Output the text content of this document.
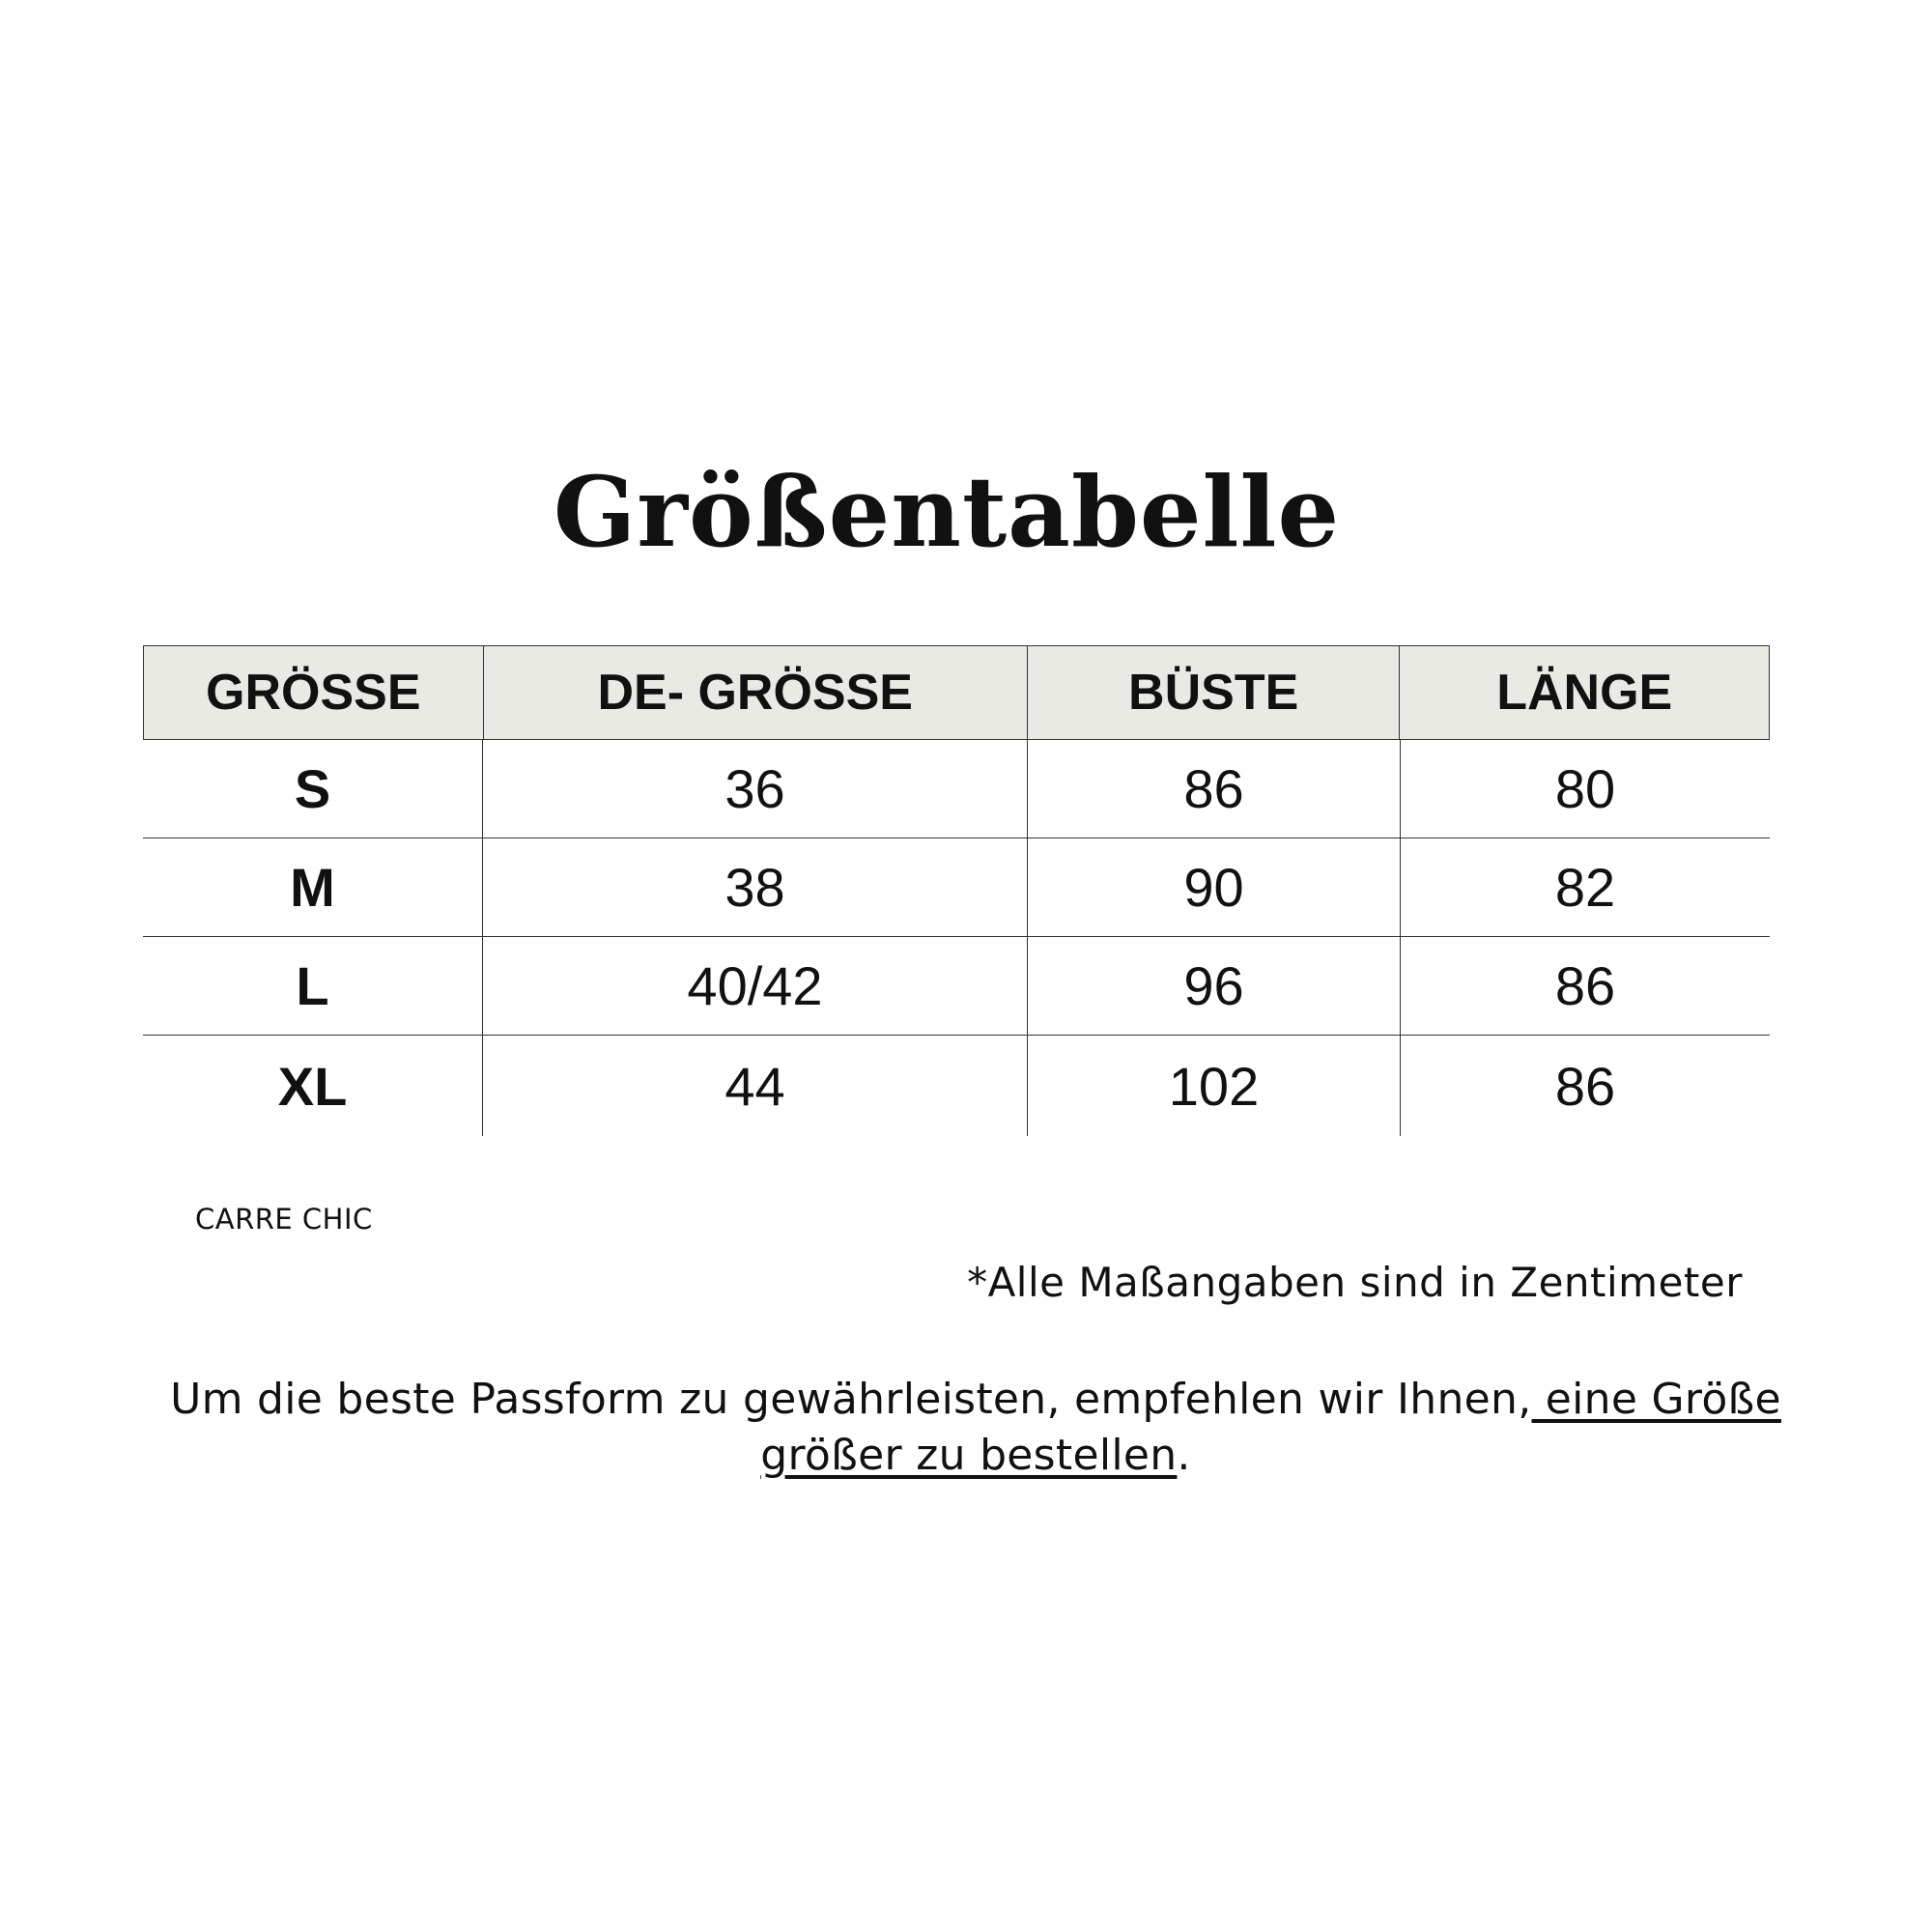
Größentabelle
GRÖSSE	DE- GRÖSSE	BÜSTE	LÄNGE
S	36	86	80
M	38	90	82
L	40/42	96	86
XL	44	102	86
CARRE CHIC
*Alle Maßangaben sind in Zentimeter
Um die beste Passform zu gewährleisten, empfehlen wir Ihnen, eine Größe größer zu bestellen.
